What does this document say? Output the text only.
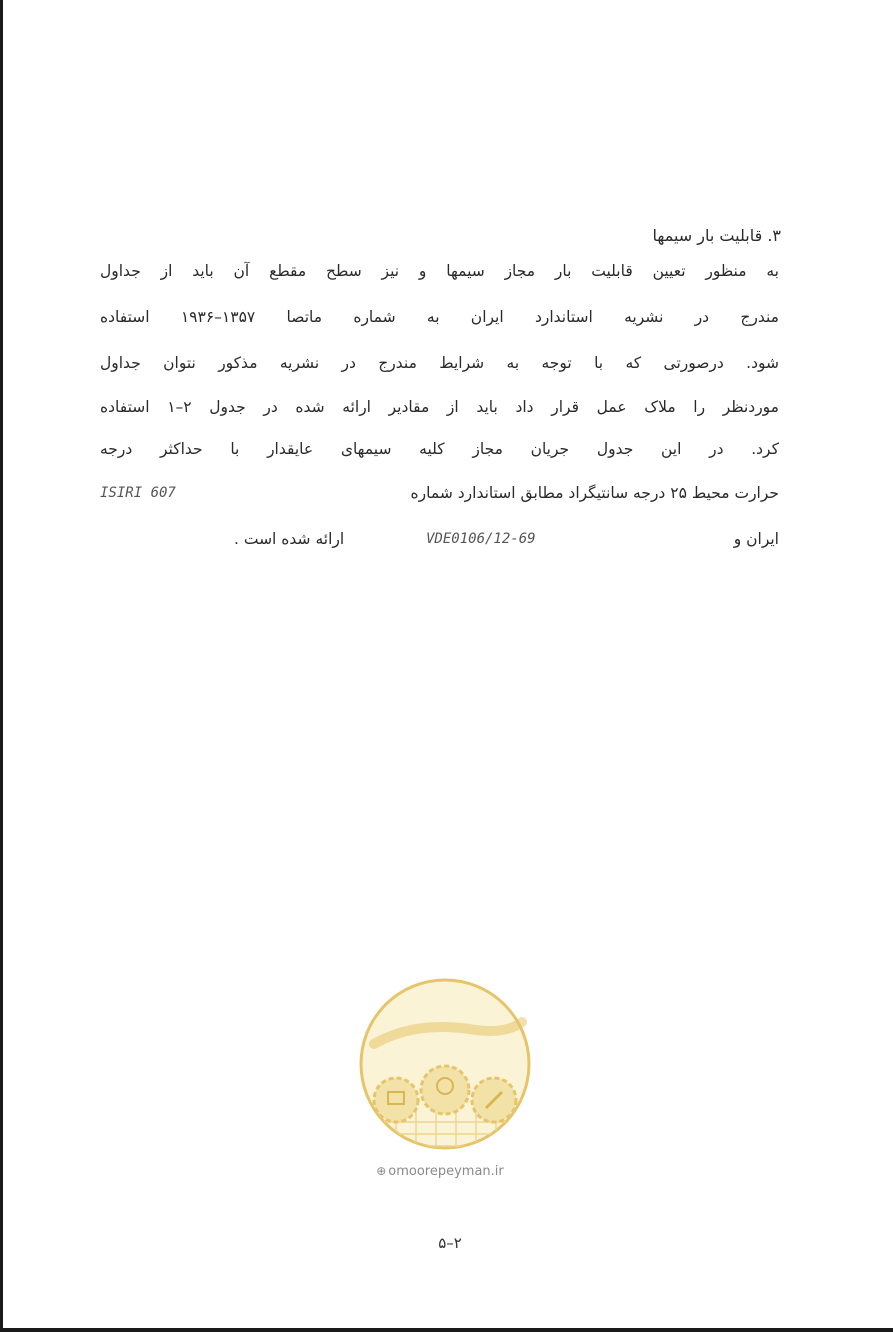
۳. قابلیت بار سیمها
به منظور تعیین قابلیت بار مجاز سیمها و نیز سطح مقطع آن باید از جداول
مندرج در نشریه استاندارد ایران به شماره ماتصا ۱۳۵۷–۱۹۳۶ استفاده
شود. درصورتی که با توجه به شرایط مندرج در نشریه مذکور نتوان جداول
موردنظر را ملاک عمل قرار داد باید از مقادیر ارائه شده در جدول ۲–۱ استفاده
کرد. در این جدول جریان مجاز کلیه سیمهای عایقدار با حداکثر درجه
حرارت محیط ۲۵ درجه سانتیگراد مطابق استاندارد شماره
ISIRI 607
ایران و
VDE0106/12-69
ارائه شده است .
⊕ omoorepeyman.ir
۲–۵
